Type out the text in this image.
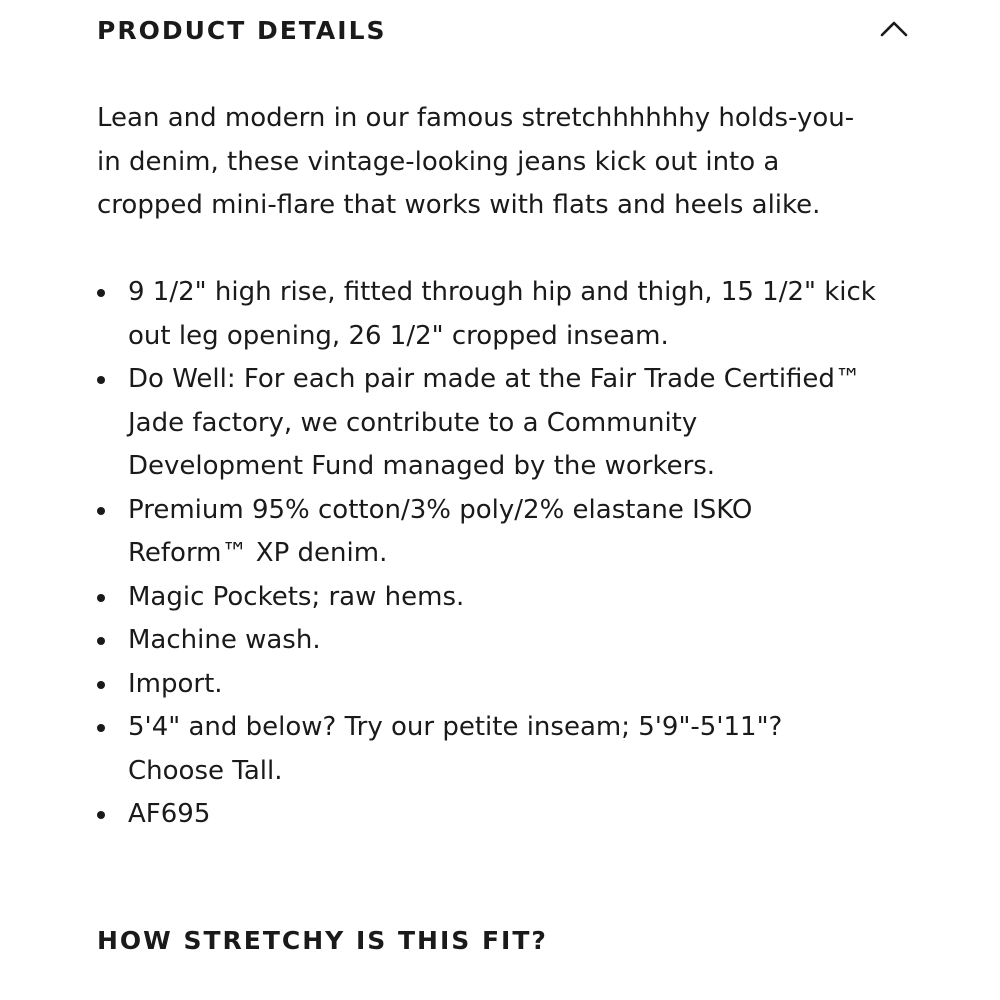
PRODUCT DETAILS

Lean and modern in our famous stretchhhhhhy holds-you-in denim, these vintage-looking jeans kick out into a cropped mini-flare that works with flats and heels alike.

9 1/2" high rise, fitted through hip and thigh, 15 1/2" kick out leg opening, 26 1/2" cropped inseam.
Do Well: For each pair made at the Fair Trade Certified™ Jade factory, we contribute to a Community Development Fund managed by the workers.
Premium 95% cotton/3% poly/2% elastane ISKO Reform™ XP denim.
Magic Pockets; raw hems.
Machine wash.
Import.
5'4" and below? Try our petite inseam; 5'9"-5'11"? Choose Tall.
AF695
HOW STRETCHY IS THIS FIT?
